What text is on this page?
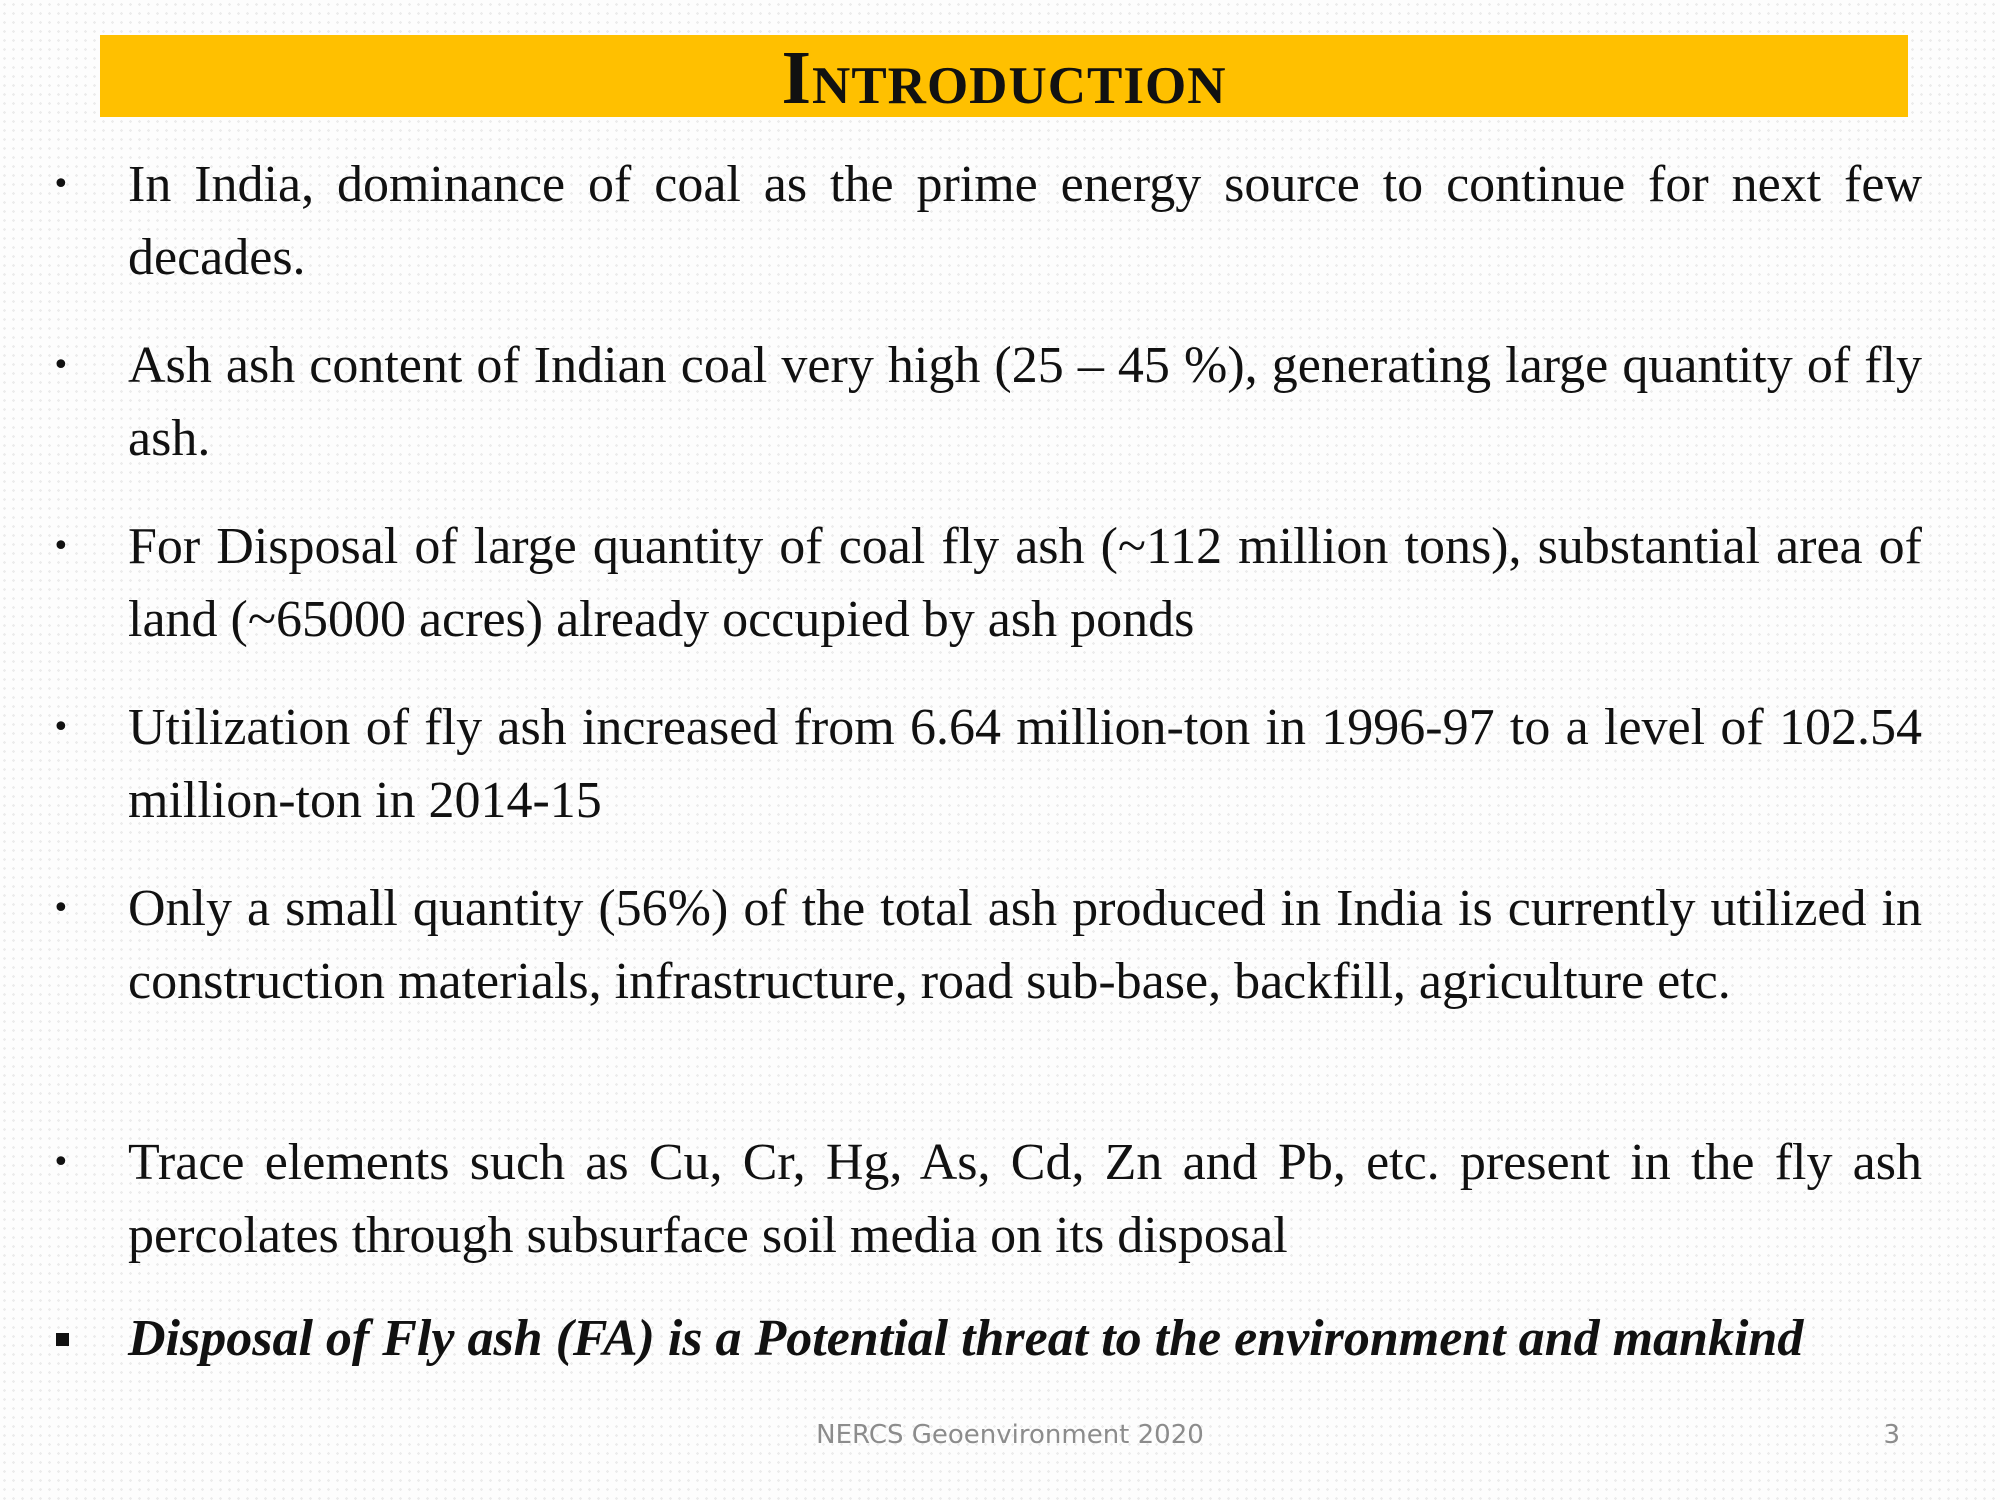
Introduction
• In India, dominance of coal as the prime energy source to continue for next few decades.
• Ash ash content of Indian coal very high (25 – 45 %), generating large quantity of fly ash.
• For Disposal of large quantity of coal fly ash (~112 million tons), substantial area of land (~65000 acres) already occupied by ash ponds
• Utilization of fly ash increased from 6.64 million-ton in 1996-97 to a level of 102.54 million-ton in 2014-15
• Only a small quantity (56%) of the total ash produced in India is currently utilized in construction materials, infrastructure, road sub-base, backfill, agriculture etc.
• Trace elements such as Cu, Cr, Hg, As, Cd, Zn and Pb, etc. present in the fly ash percolates through subsurface soil media on its disposal
Disposal of Fly ash (FA) is a Potential threat to the environment and mankind
NERCS Geoenvironment 2020	3
